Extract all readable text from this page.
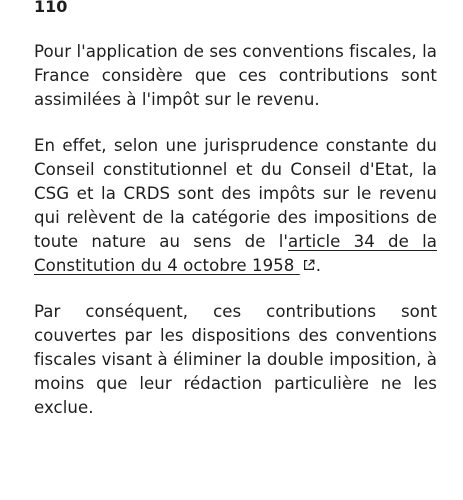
110

Pour l'application de ses conventions fiscales, la France considère que ces contributions sont assimilées à l'impôt sur le revenu.

En effet, selon une jurisprudence constante du Conseil constitutionnel et du Conseil d'Etat, la CSG et la CRDS sont des impôts sur le revenu qui relèvent de la catégorie des impositions de toute nature au sens de l'article 34 de la Constitution du 4 octobre 1958 .

Par conséquent, ces contributions sont couvertes par les dispositions des conventions fiscales visant à éliminer la double imposition, à moins que leur rédaction particulière ne les exclue.
